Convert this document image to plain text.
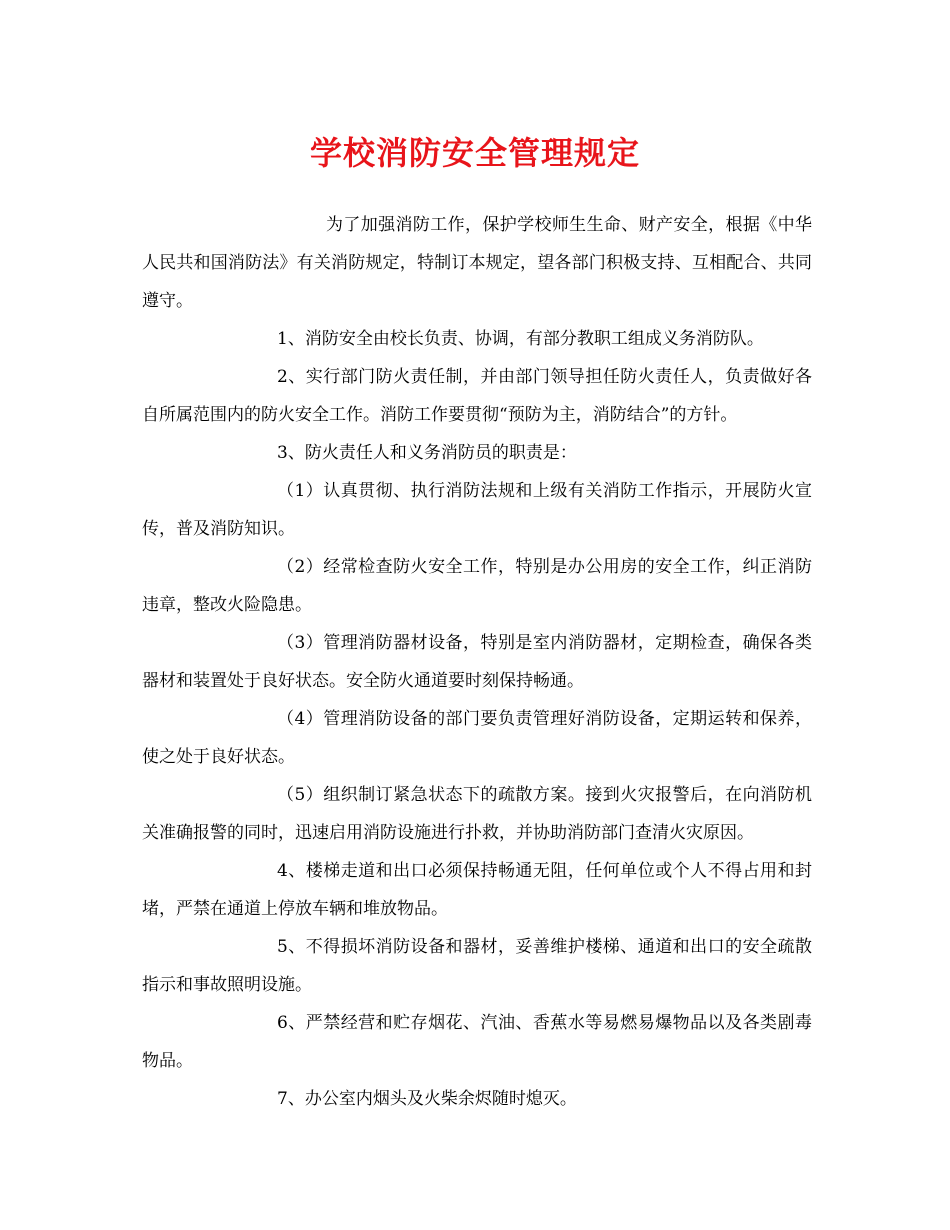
学校消防安全管理规定

为了加强消防工作，保护学校师生生命、财产安全，根据《中华人民共和国消防法》有关消防规定，特制订本规定，望各部门积极支持、互相配合、共同遵守。

1、消防安全由校长负责、协调，有部分教职工组成义务消防队。

2、实行部门防火责任制，并由部门领导担任防火责任人，负责做好各自所属范围内的防火安全工作。消防工作要贯彻“预防为主，消防结合”的方针。

3、防火责任人和义务消防员的职责是：

（1）认真贯彻、执行消防法规和上级有关消防工作指示，开展防火宣传，普及消防知识。

（2）经常检查防火安全工作，特别是办公用房的安全工作，纠正消防违章，整改火险隐患。

（3）管理消防器材设备，特别是室内消防器材，定期检查，确保各类器材和装置处于良好状态。安全防火通道要时刻保持畅通。

（4）管理消防设备的部门要负责管理好消防设备，定期运转和保养，使之处于良好状态。

（5）组织制订紧急状态下的疏散方案。接到火灾报警后，在向消防机关准确报警的同时，迅速启用消防设施进行扑救，并协助消防部门查清火灾原因。

4、楼梯走道和出口必须保持畅通无阻，任何单位或个人不得占用和封堵，严禁在通道上停放车辆和堆放物品。

5、不得损坏消防设备和器材，妥善维护楼梯、通道和出口的安全疏散指示和事故照明设施。

6、严禁经营和贮存烟花、汽油、香蕉水等易燃易爆物品以及各类剧毒物品。

7、办公室内烟头及火柴余烬随时熄灭。
